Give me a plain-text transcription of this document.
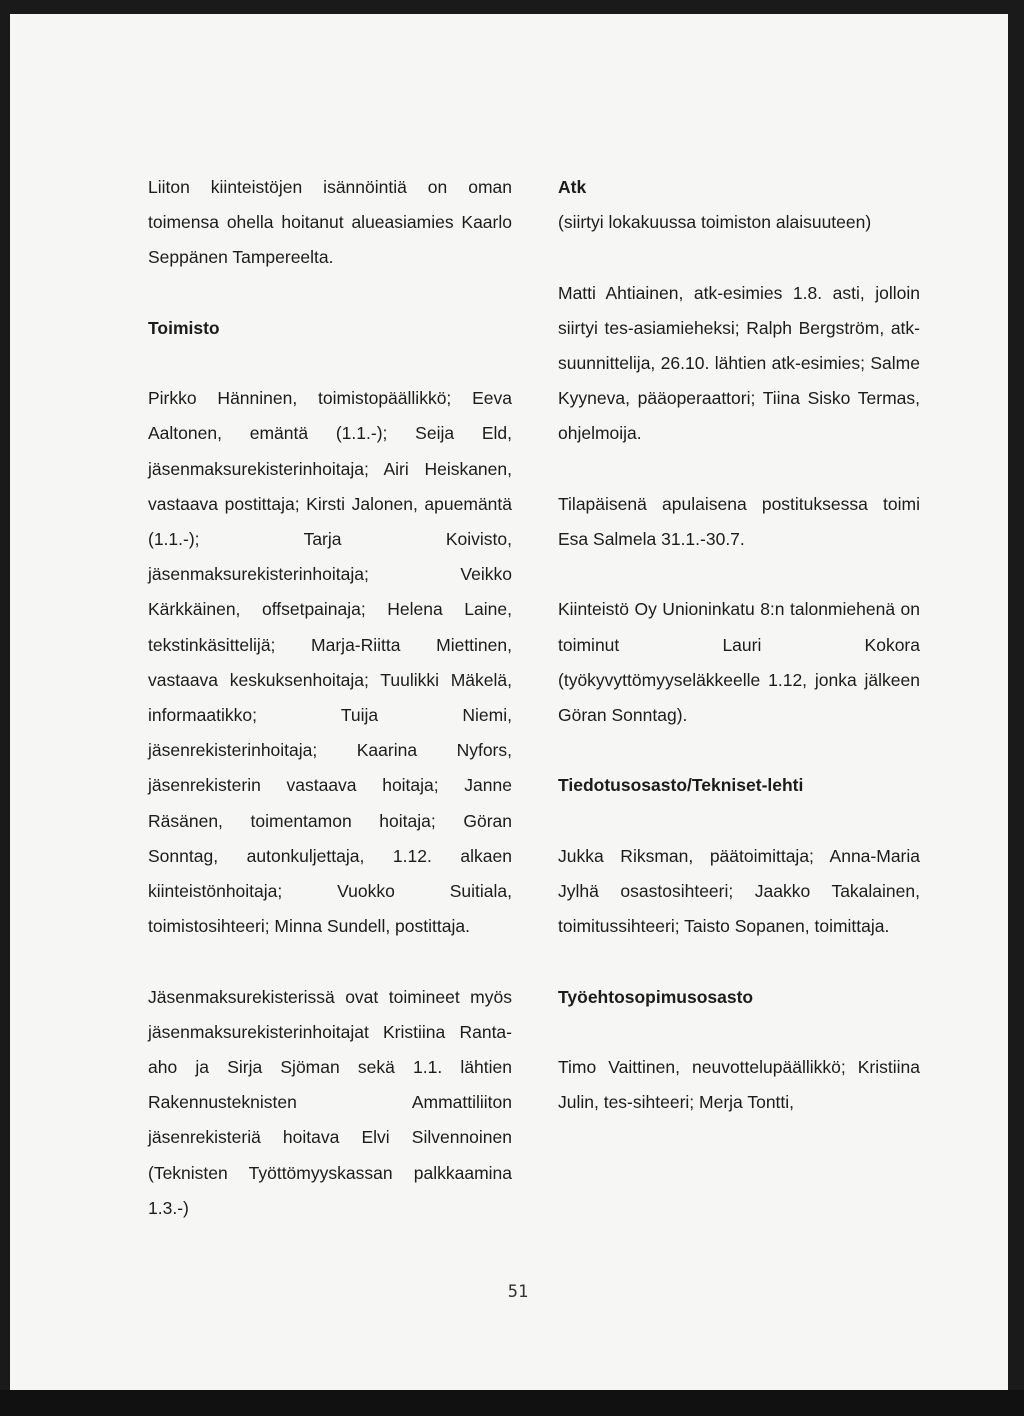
Liiton kiinteistöjen isännöintiä on oman toimensa ohella hoitanut alueasiamies Kaarlo Seppänen Tampereelta.

Toimisto

Pirkko Hänninen, toimistopäällikkö; Eeva Aaltonen, emäntä (1.1.-); Seija Eld, jäsenmaksurekisterinhoitaja; Airi Heiskanen, vastaava postittaja; Kirsti Jalonen, apuemäntä (1.1.-); Tarja Koivisto, jäsenmaksurekisterinhoitaja; Veikko Kärkkäinen, offsetpainaja; Helena Laine, tekstinkäsittelijä; Marja-Riitta Miettinen, vastaava keskuksenhoitaja; Tuulikki Mäkelä, informaatikko; Tuija Niemi, jäsenrekisterinhoitaja; Kaarina Nyfors, jäsenrekisterin vastaava hoitaja; Janne Räsänen, toimentamon hoitaja; Göran Sonntag, autonkuljettaja, 1.12. alkaen kiinteistönhoitaja; Vuokko Suitiala, toimistosihteeri; Minna Sundell, postittaja.

Jäsenmaksurekisterissä ovat toimineet myös jäsenmaksurekisterinhoitajat Kristiina Ranta-aho ja Sirja Sjöman sekä 1.1. lähtien Rakennusteknisten Ammattiliiton jäsenrekisteriä hoitava Elvi Silvennoinen (Teknisten Työttömyyskassan palkkaamina 1.3.-)

Atk

(siirtyi lokakuussa toimiston alaisuuteen)

Matti Ahtiainen, atk-esimies 1.8. asti, jolloin siirtyi tes-asiamieheksi; Ralph Bergström, atk-suunnittelija, 26.10. lähtien atk-esimies; Salme Kyyneva, pääoperaattori; Tiina Sisko Termas, ohjelmoija.

Tilapäisenä apulaisena postituksessa toimi Esa Salmela 31.1.-30.7.

Kiinteistö Oy Unioninkatu 8:n talonmiehenä on toiminut Lauri Kokora (työkyvyttömyyseläkkeelle 1.12, jonka jälkeen Göran Sonntag).

Tiedotusosasto/Tekniset-lehti

Jukka Riksman, päätoimittaja; Anna-Maria Jylhä osastosihteeri; Jaakko Takalainen, toimitussihteeri; Taisto Sopanen, toimittaja.

Työehtosopimusosasto

Timo Vaittinen, neuvottelupäällikkö; Kristiina Julin, tes-sihteeri; Merja Tontti,

51
